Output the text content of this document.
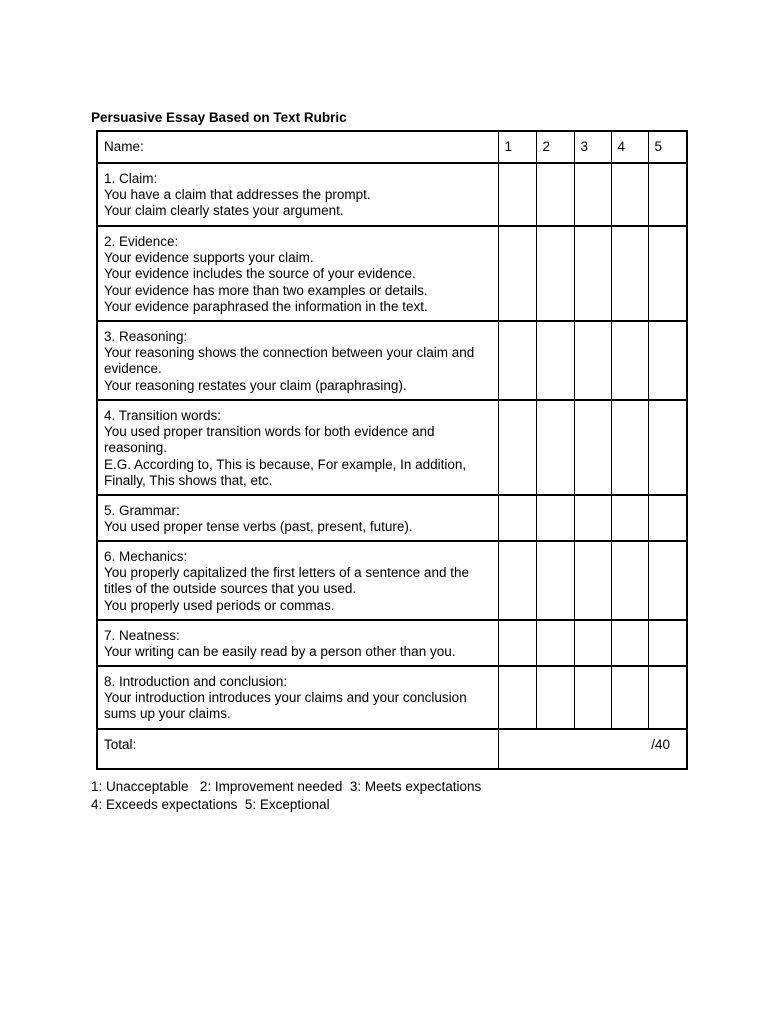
Persuasive Essay Based on Text Rubric
Name:	1	2	3	4	5

1. Claim:
You have a claim that addresses the prompt.
Your claim clearly states your argument.					

2. Evidence:
Your evidence supports your claim.
Your evidence includes the source of your evidence.
Your evidence has more than two examples or details.
Your evidence paraphrased the information in the text.					

3. Reasoning:
Your reasoning shows the connection between your claim and evidence.
Your reasoning restates your claim (paraphrasing).					

4. Transition words:
You used proper transition words for both evidence and reasoning.
E.G. According to, This is because, For example, In addition, Finally, This shows that, etc.					

5. Grammar:
You used proper tense verbs (past, present, future).					

6. Mechanics:
You properly capitalized the first letters of a sentence and the titles of the outside sources that you used.
You properly used periods or commas.					

7. Neatness:
Your writing can be easily read by a person other than you.					

8. Introduction and conclusion:
Your introduction introduces your claims and your conclusion sums up your claims.					

Total:	/40				
1: Unacceptable   2: Improvement needed  3: Meets expectations
4: Exceeds expectations  5: Exceptional
